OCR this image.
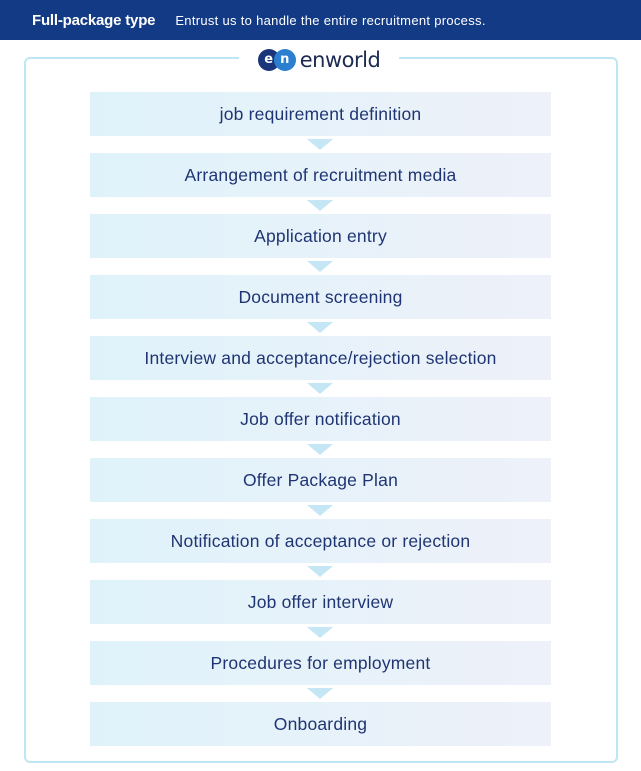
Full-package type Entrust us to handle the entire recruitment process.
e n enworld
job requirement definition
Arrangement of recruitment media
Application entry
Document screening
Interview and acceptance/rejection selection
Job offer notification
Offer Package Plan
Notification of acceptance or rejection
Job offer interview
Procedures for employment
Onboarding
